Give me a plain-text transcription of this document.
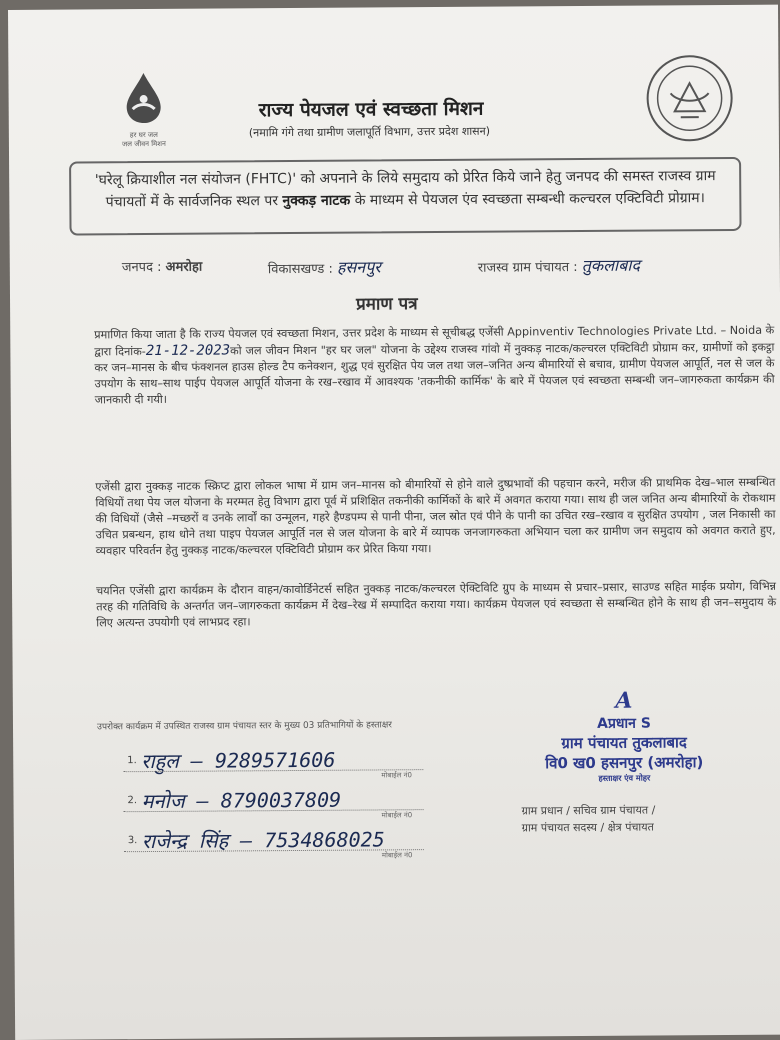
हर घर जल
जल जीवन मिशन
राज्य पेयजल एवं स्वच्छता मिशन
(नमामि गंगे तथा ग्रामीण जलापूर्ति विभाग, उत्तर प्रदेश शासन)
'घरेलू क्रियाशील नल संयोजन (FHTC)' को अपनाने के लिये समुदाय को प्रेरित किये जाने हेतु जनपद की समस्त राजस्व ग्राम पंचायतों में के सार्वजनिक स्थल पर नुक्कड़ नाटक के माध्यम से पेयजल एंव स्वच्छता सम्बन्धी कल्चरल एक्टिविटी प्रोग्राम।
जनपद : अमरोहा	विकासखण्ड : हसनपुर	राजस्व ग्राम पंचायत : तुकलाबाद
प्रमाण पत्र
प्रमाणित किया जाता है कि राज्य पेयजल एवं स्वच्छता मिशन, उत्तर प्रदेश के माध्यम से सूचीबद्ध एजेंसी Appinventiv Technologies Private Ltd. – Noida के द्वारा दिनांक-21-12-2023को जल जीवन मिशन "हर घर जल" योजना के उद्देश्य राजस्व गांवो में नुक्कड़ नाटक/कल्चरल एक्टिविटी प्रोग्राम कर, ग्रामीणों को इकट्ठा कर जन–मानस के बीच फंक्शनल हाउस होल्ड टैप कनेक्शन, शुद्ध एवं सुरक्षित पेय जल तथा जल–जनित अन्य बीमारियों से बचाव, ग्रामीण पेयजल आपूर्ति, नल से जल के उपयोग के साथ–साथ पाईप पेयजल आपूर्ति योजना के रख–रखाव में आवश्यक 'तकनीकी कार्मिक' के बारे में पेयजल एवं स्वच्छता सम्बन्धी जन–जागरुकता कार्यक्रम की जानकारी दी गयी।
एजेंसी द्वारा नुक्कड़ नाटक स्क्रिप्ट द्वारा लोकल भाषा में ग्राम जन–मानस को बीमारियों से होने वाले दुष्प्रभावों की पहचान करने, मरीज की प्राथमिक देख–भाल सम्बन्धित विधियों तथा पेय जल योजना के मरम्मत हेतु विभाग द्वारा पूर्व में प्रशिक्षित तकनीकी कार्मिकों के बारे में अवगत कराया गया। साथ ही जल जनित अन्य बीमारियों के रोकथाम की विधियों (जैसे –मच्छरों व उनके लार्वों का उन्मूलन, गहरे हैण्डपम्प से पानी पीना, जल स्रोत एवं पीने के पानी का उचित रख–रखाव व सुरक्षित उपयोग , जल निकासी का उचित प्रबन्धन, हाथ धोने तथा पाइप पेयजल आपूर्ति नल से जल योजना के बारे में व्यापक जनजागरुकता अभियान चला कर ग्रामीण जन समुदाय को अवगत कराते हुए, व्यवहार परिवर्तन हेतु नुक्कड़ नाटक/कल्चरल एक्टिविटी प्रोग्राम कर प्रेरित किया गया।
चयनित एजेंसी द्वारा कार्यक्रम के दौरान वाहन/कावोर्डिनेटर्स सहित नुक्कड़ नाटक/कल्चरल ऐक्टिविटि ग्रुप के माध्यम से प्रचार–प्रसार, साउण्ड सहित माईक प्रयोग, विभिन्न तरह की गतिविधि के अन्तर्गत जन–जागरुकता कार्यक्रम मेंं देख–रेख में सम्पादित कराया गया। कार्यक्रम पेयजल एवं स्वच्छता से सम्बन्धित होने के साथ ही जन–समुदाय के लिए अत्यन्त उपयोगी एवं लाभप्रद रहा।
उपरोक्त कार्यक्रम में उपस्थित राजस्व ग्राम पंचायत स्तर के मुख्य 03 प्रतिभागियों के हस्ताक्षर
1. राहुल — 9289571606
मोबाईल नं0
2. मनोज — 8790037809
मोबाईल नं0
3. राजेन्द्र सिंह — 7534868025
मोबाईल नं0
A
Aप्रधान S
ग्राम पंचायत तुकलाबाद
वि0 ख0 हसनपुर (अमरोहा)
हस्ताक्षर एंव मोहर
ग्राम प्रधान / सचिव ग्राम पंचायत /
ग्राम पंचायत सदस्य / क्षेत्र पंचायत
